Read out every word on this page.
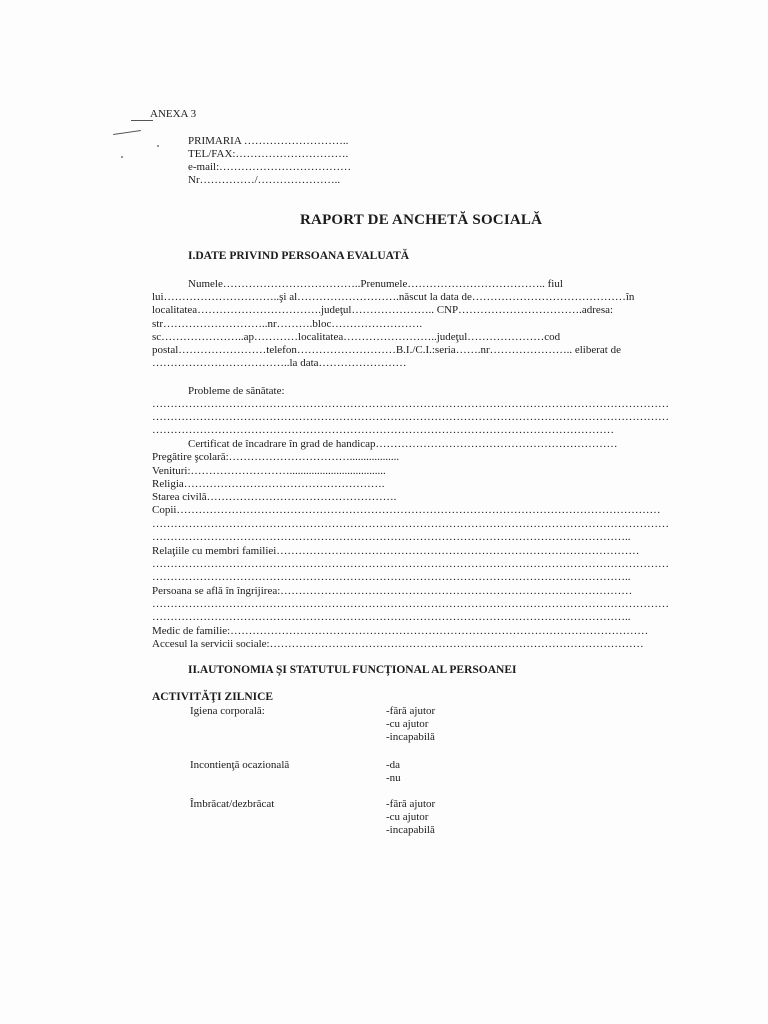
ANEXA 3
PRIMARIA ………………………..
TEL/FAX:………………………….
e-mail:………………………………
Nr……………/…………………..
RAPORT DE ANCHETĂ SOCIALĂ
I.DATE PRIVIND PERSOANA EVALUATĂ
Numele………………………………..Prenumele……………………………….. fiul
lui…………………………..şi al……………………….născut la data de……………………………………în
localitatea…………………………….judeţul………………….. CNP…………………………….adresa:
str………………………..nr……….bloc…………………….
sc…………………..ap…………localitatea……………………..judeţul…………………cod
postal……………………telefon………………………B.I./C.I.:seria…….nr………………….. eliberat de
………………………………..la data……………………
Probleme de sănătate:
……………………………………………………………………………………………………………………………
……………………………………………………………………………………………………………………………
………………………………………………………………………………………………………………
Certificat de încadrare în grad de handicap…………………………………………………………
Pregătire şcolară:……………………………..................
Venituri:………………………...................................
Religia……………………………………………….
Starea civilă…………………………………………….
Copii……………………………………………………………………………………………………………………
……………………………………………………………………………………………………………………………
…………………………………………………………………………………………………………………..
Relaţiile cu membri familiei………………………………………………………………………………………
……………………………………………………………………………………………………………………………
…………………………………………………………………………………………………………………..
Persoana se află în îngrijirea:……………………………………………………………………………………
……………………………………………………………………………………………………………………………
…………………………………………………………………………………………………………………..
Medic de familie:……………………………………………………………………………………………………
Accesul la servicii sociale:…………………………………………………………………………………………
II.AUTONOMIA ŞI STATUTUL FUNCŢIONAL AL PERSOANEI
ACTIVITĂŢI ZILNICE
Igiena corporală:	-fără ajutor
-cu ajutor
-incapabilă
Incontienţă ocazională	-da
-nu
Îmbrăcat/dezbrăcat	-fără ajutor
-cu ajutor
-incapabilă
